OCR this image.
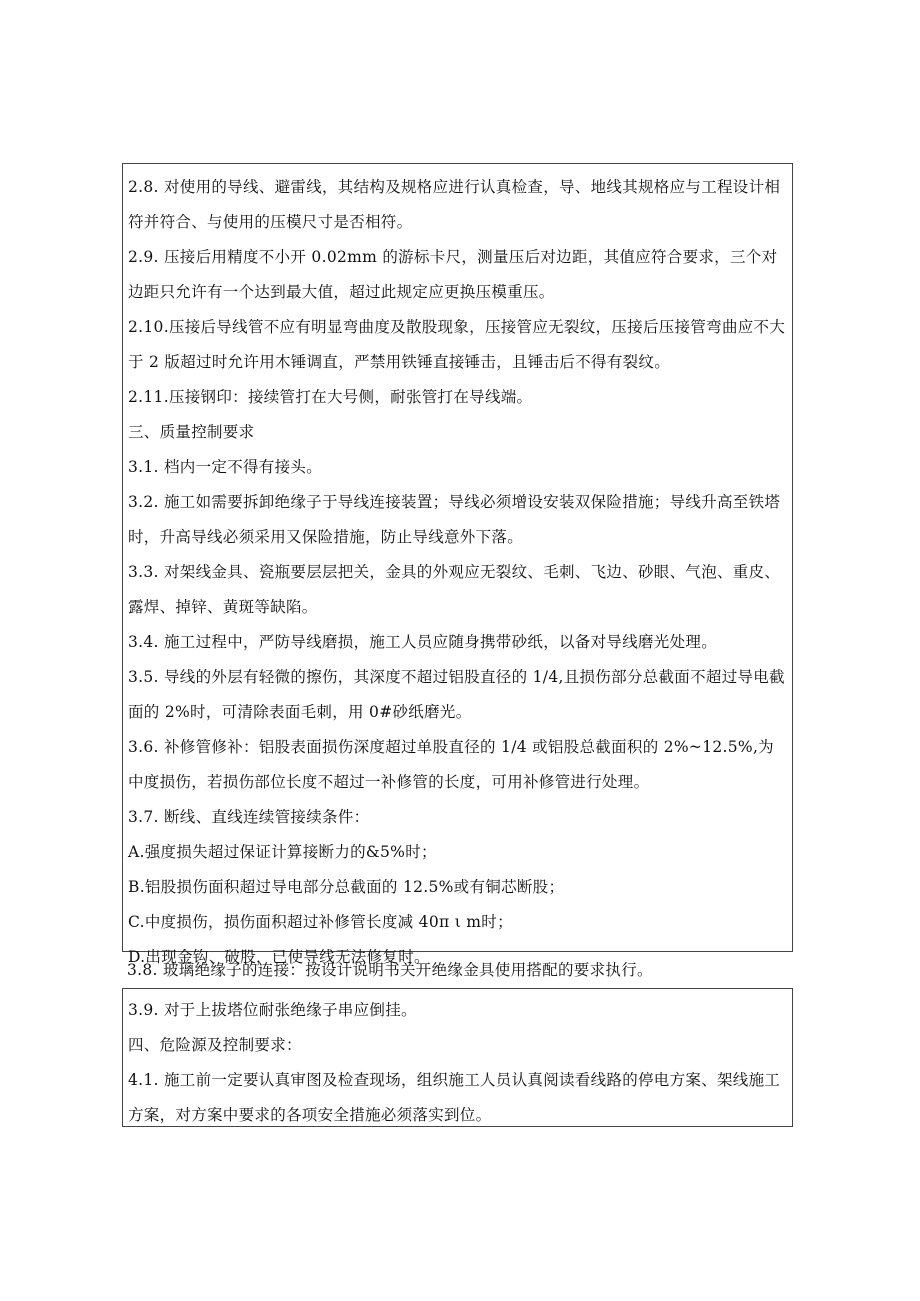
2.8. 对使用的导线、避雷线，其结构及规格应进行认真检查，导、地线其规格应与工程设计相符并符合、与使用的压模尺寸是否相符。

2.9. 压接后用精度不小开 0.02mm 的游标卡尺，测量压后对边距，其值应符合要求，三个对边距只允许有一个达到最大值，超过此规定应更换压模重压。

2.10.压接后导线管不应有明显弯曲度及散股现象，压接管应无裂纹，压接后压接管弯曲应不大于 2 版超过时允许用木锤调直，严禁用铁锤直接锤击，且锤击后不得有裂纹。

2.11.压接钢印：接续管打在大号侧，耐张管打在导线端。

三、质量控制要求

3.1. 档内一定不得有接头。

3.2. 施工如需要拆卸绝缘子于导线连接装置；导线必须增设安装双保险措施；导线升高至铁塔时，升高导线必须采用又保险措施，防止导线意外下落。

3.3. 对架线金具、瓷瓶要层层把关，金具的外观应无裂纹、毛刺、飞边、砂眼、气泡、重皮、露焊、掉锌、黄斑等缺陷。

3.4. 施工过程中，严防导线磨损，施工人员应随身携带砂纸，以备对导线磨光处理。

3.5. 导线的外层有轻微的擦伤，其深度不超过铝股直径的 1/4,且损伤部分总截面不超过导电截面的 2%时，可清除表面毛刺，用 0#砂纸磨光。

3.6. 补修管修补：铝股表面损伤深度超过单股直径的 1/4 或铝股总截面积的 2%~12.5%,为中度损伤，若损伤部位长度不超过一补修管的长度，可用补修管进行处理。

3.7. 断线、直线连续管接续条件：

A.强度损失超过保证计算接断力的&5%时；

B.铝股损伤面积超过导电部分总截面的 12.5%或有铜芯断股；

C.中度损伤，损伤面积超过补修管长度减 40π ι m时；

D.出现金钩、破股，已使导线无法修复时。

3.8. 玻璃绝缘子的连接：按设计说明书关开绝缘金具使用搭配的要求执行。

3.9. 对于上拔塔位耐张绝缘子串应倒挂。

四、危险源及控制要求：

4.1. 施工前一定要认真审图及检查现场，组织施工人员认真阅读看线路的停电方案、架线施工方案，对方案中要求的各项安全措施必须落实到位。
